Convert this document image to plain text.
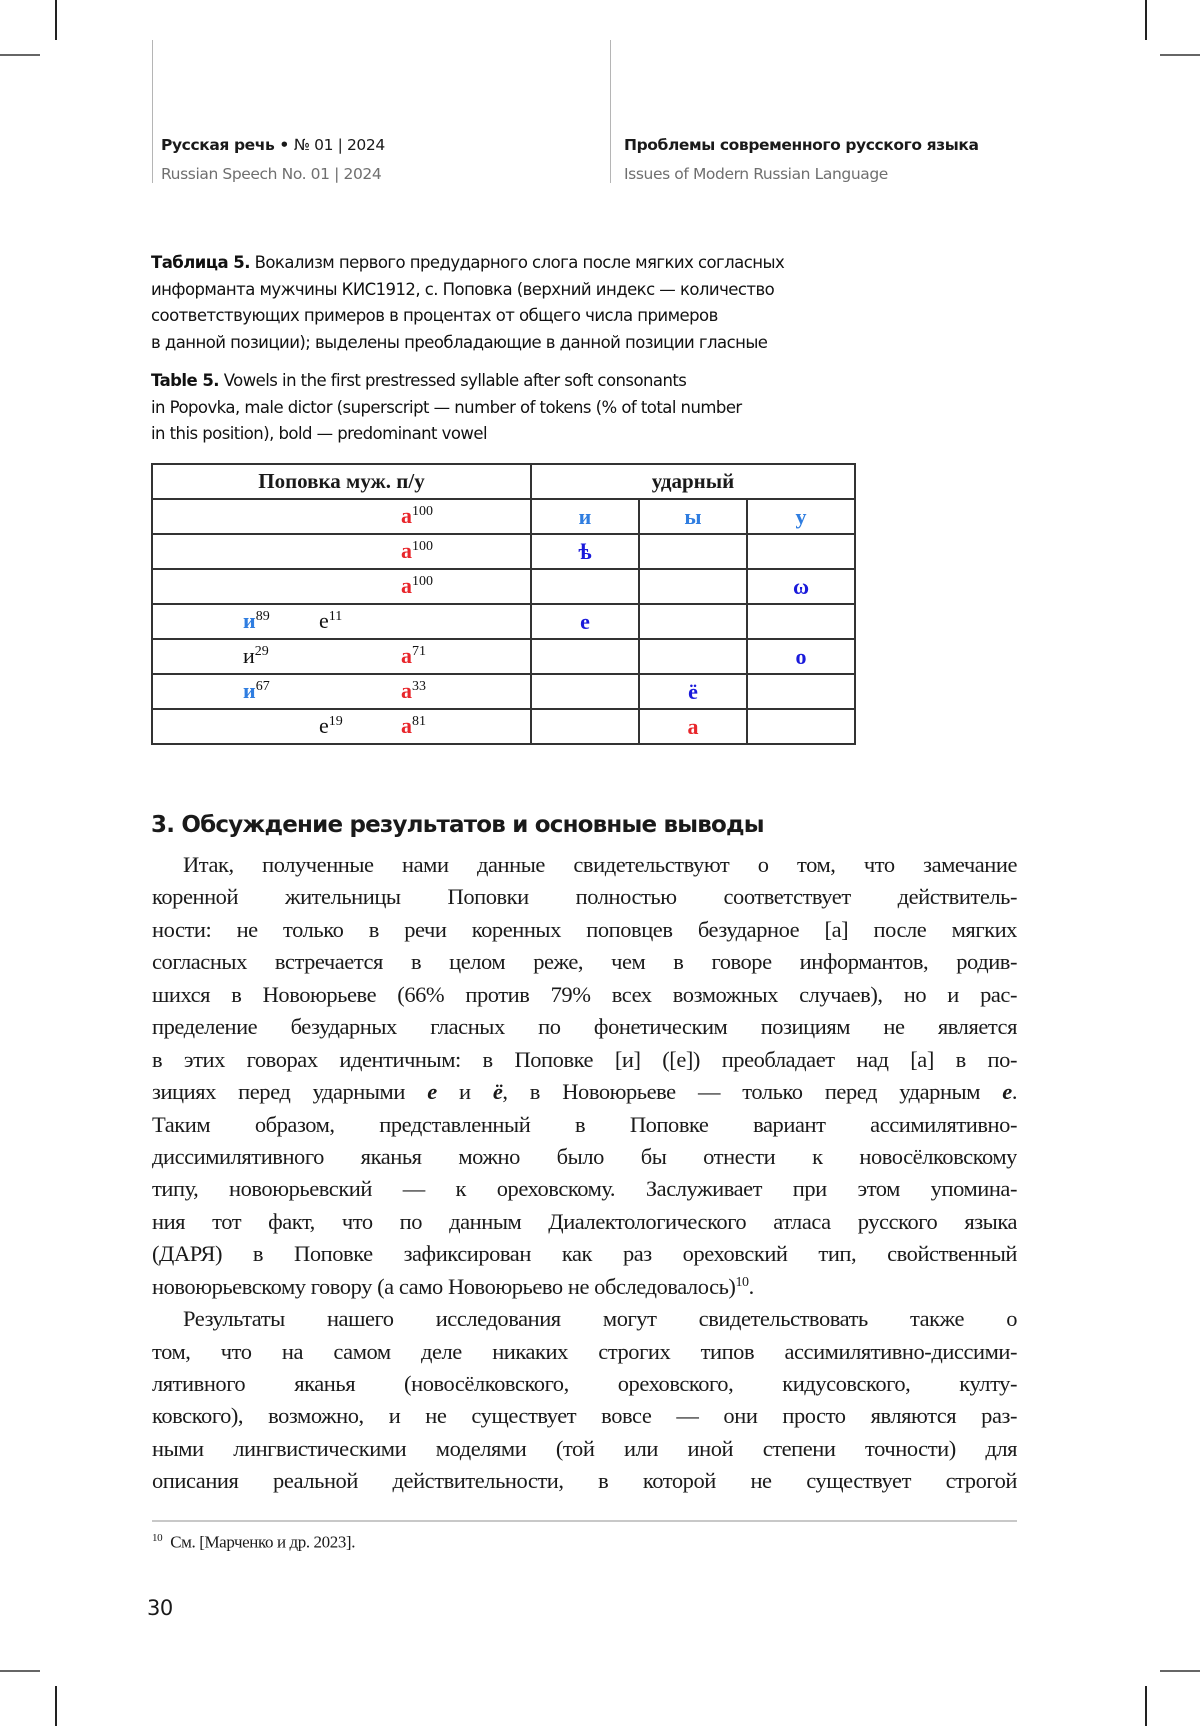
Русская речь • № 01 | 2024
Russian Speech No. 01 | 2024
Проблемы современного русского языка
Issues of Modern Russian Language
Таблица 5. Вокализм первого предударного слога после мягких согласных
информанта мужчины КИС1912, с. Поповка (верхний индекс — количество
соответствующих примеров в процентах от общего числа примеров
в данной позиции); выделены преобладающие в данной позиции гласные
Table 5. Vowels in the first prestressed syllable after soft consonants
in Popovka, male dictor (superscript — number of tokens (% of total number
in this position), bold — predominant vowel
Поповка муж. п/у	ударный		

$а^{100}$	и	ы	у

$а^{100}$	ѣ		

$а^{100}$			ω

$и^{89}$ $е^{11}$	е		

$и^{29}$ $а^{71}$			о

$и^{67}$ $а^{33}$		ё	

$е^{19}$ $а^{81}$		а	
3. Обсуждение результатов и основные выводы
Итак, полученные нами данные свидетельствуют о том, что замечание
коренной жительницы Поповки полностью соответствует действитель-
ности: не только в речи коренных поповцев безударное [а] после мягких
согласных встречается в целом реже, чем в говоре информантов, родив-
шихся в Новоюрьеве (66% против 79% всех возможных случаев), но и рас-
пределение безударных гласных по фонетическим позициям не является
в этих говорах идентичным: в Поповке [и] ([е]) преобладает над [а] в по-
зициях перед ударными е и ё, в Новоюрьеве — только перед ударным е.
Таким образом, представленный в Поповке вариант ассимилятивно-
диссимилятивного яканья можно было бы отнести к новосёлковскому
типу, новоюрьевский — к ореховскому. Заслуживает при этом упомина-
ния тот факт, что по данным Диалектологического атласа русского языка
(ДАРЯ) в Поповке зафиксирован как раз ореховский тип, свойственный
новоюрьевскому говору (а само Новоюрьево не обследовалось)$^{10}$.
Результаты нашего исследования могут свидетельствовать также о
том, что на самом деле никаких строгих типов ассимилятивно-диссими-
лятивного яканья (новосёлковского, ореховского, кидусовского, култу-
ковского), возможно, и не существует вовсе — они просто являются раз-
ными лингвистическими моделями (той или иной степени точности) для
описания реальной действительности, в которой не существует строгой
$^{10}$ См. [Марченко и др. 2023].
30
